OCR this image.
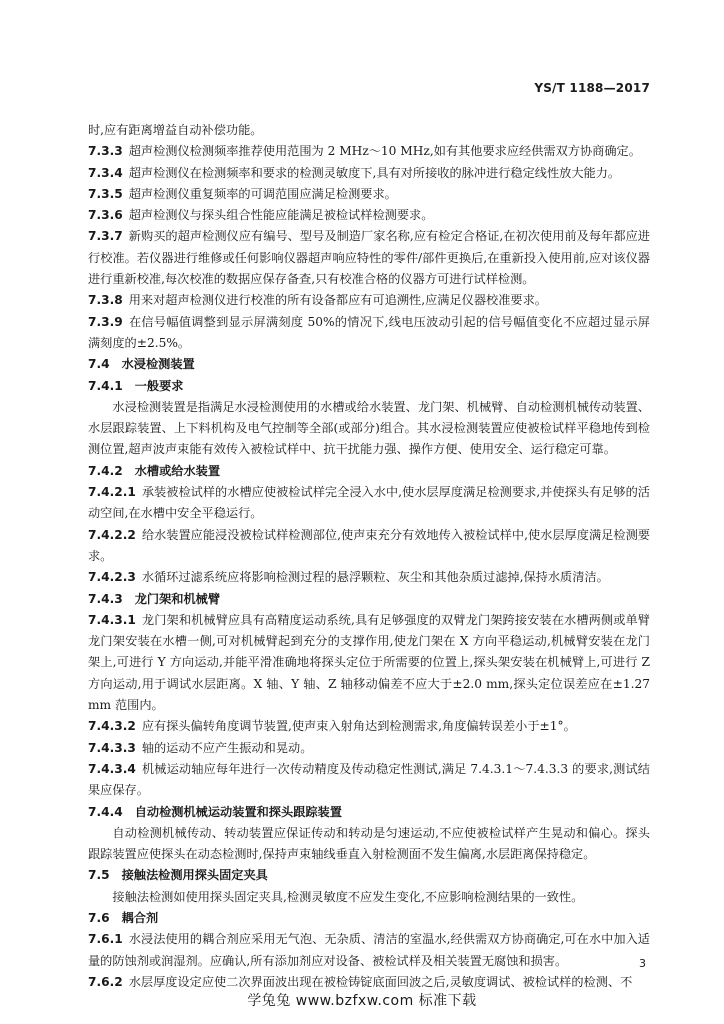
YS/T 1188—2017

时,应有距离增益自动补偿功能。

7.3.3 超声检测仪检测频率推荐使用范围为 2 MHz～10 MHz,如有其他要求应经供需双方协商确定。

7.3.4 超声检测仪在检测频率和要求的检测灵敏度下,具有对所接收的脉冲进行稳定线性放大能力。

7.3.5 超声检测仪重复频率的可调范围应满足检测要求。

7.3.6 超声检测仪与探头组合性能应能满足被检试样检测要求。

7.3.7 新购买的超声检测仪应有编号、型号及制造厂家名称,应有检定合格证,在初次使用前及每年都应进行校准。若仪器进行维修或任何影响仪器超声响应特性的零件/部件更换后,在重新投入使用前,应对该仪器进行重新校准,每次校准的数据应保存备查,只有校准合格的仪器方可进行试样检测。

7.3.8 用来对超声检测仪进行校准的所有设备都应有可追溯性,应满足仪器校准要求。

7.3.9 在信号幅值调整到显示屏满刻度 50%的情况下,线电压波动引起的信号幅值变化不应超过显示屏满刻度的±2.5%。

7.4 水浸检测装置

7.4.1 一般要求

水浸检测装置是指满足水浸检测使用的水槽或给水装置、龙门架、机械臂、自动检测机械传动装置、水层跟踪装置、上下料机构及电气控制等全部(或部分)组合。其水浸检测装置应使被检试样平稳地传到检测位置,超声波声束能有效传入被检试样中、抗干扰能力强、操作方便、使用安全、运行稳定可靠。

7.4.2 水槽或给水装置

7.4.2.1 承装被检试样的水槽应使被检试样完全浸入水中,使水层厚度满足检测要求,并使探头有足够的活动空间,在水槽中安全平稳运行。

7.4.2.2 给水装置应能浸没被检试样检测部位,使声束充分有效地传入被检试样中,使水层厚度满足检测要求。

7.4.2.3 水循环过滤系统应将影响检测过程的悬浮颗粒、灰尘和其他杂质过滤掉,保持水质清洁。

7.4.3 龙门架和机械臂

7.4.3.1 龙门架和机械臂应具有高精度运动系统,具有足够强度的双臂龙门架跨接安装在水槽两侧或单臂龙门架安装在水槽一侧,可对机械臂起到充分的支撑作用,使龙门架在 X 方向平稳运动,机械臂安装在龙门架上,可进行 Y 方向运动,并能平滑准确地将探头定位于所需要的位置上,探头架安装在机械臂上,可进行 Z 方向运动,用于调试水层距离。X 轴、Y 轴、Z 轴移动偏差不应大于±2.0 mm,探头定位误差应在±1.27 mm 范围内。

7.4.3.2 应有探头偏转角度调节装置,使声束入射角达到检测需求,角度偏转误差小于±1°。

7.4.3.3 轴的运动不应产生振动和晃动。

7.4.3.4 机械运动轴应每年进行一次传动精度及传动稳定性测试,满足 7.4.3.1～7.4.3.3 的要求,测试结果应保存。

7.4.4 自动检测机械运动装置和探头跟踪装置

自动检测机械传动、转动装置应保证传动和转动是匀速运动,不应使被检试样产生晃动和偏心。探头跟踪装置应使探头在动态检测时,保持声束轴线垂直入射检测面不发生偏离,水层距离保持稳定。

7.5 接触法检测用探头固定夹具

接触法检测如使用探头固定夹具,检测灵敏度不应发生变化,不应影响检测结果的一致性。

7.6 耦合剂

7.6.1 水浸法使用的耦合剂应采用无气泡、无杂质、清洁的室温水,经供需双方协商确定,可在水中加入适量的防蚀剂或润湿剂。应确认,所有添加剂应对设备、被检试样及相关装置无腐蚀和损害。

7.6.2 水层厚度设定应使二次界面波出现在被检铸锭底面回波之后,灵敏度调试、被检试样的检测、不

3
学兔兔 www.bzfxw.com 标准下载
